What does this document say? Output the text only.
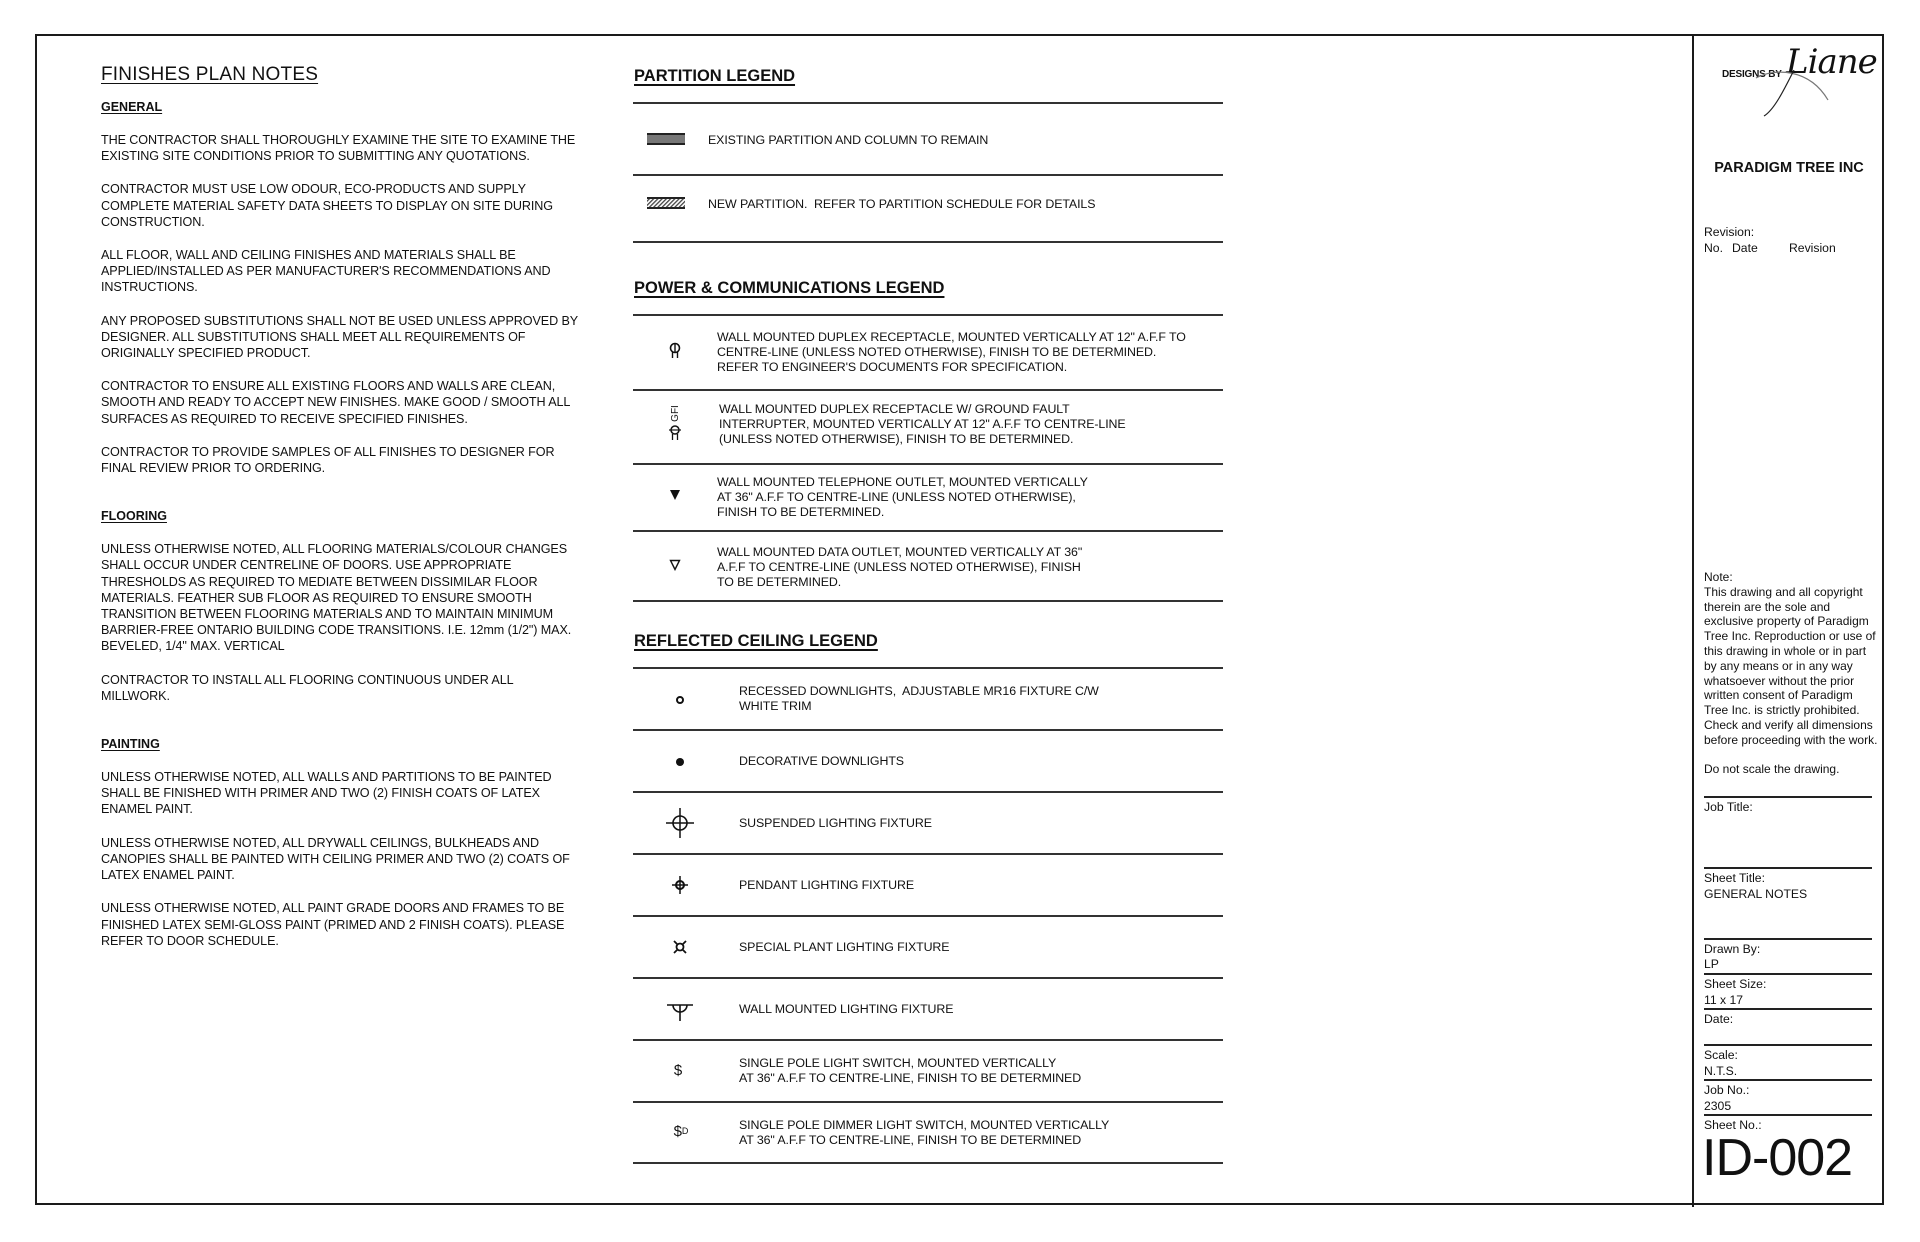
FINISHES PLAN NOTES
GENERAL

THE CONTRACTOR SHALL THOROUGHLY EXAMINE THE SITE TO EXAMINE THE EXISTING SITE CONDITIONS PRIOR TO SUBMITTING ANY QUOTATIONS.

CONTRACTOR MUST USE LOW ODOUR, ECO-PRODUCTS AND SUPPLY COMPLETE MATERIAL SAFETY DATA SHEETS TO DISPLAY ON SITE DURING CONSTRUCTION.

ALL FLOOR, WALL AND CEILING FINISHES AND MATERIALS SHALL BE APPLIED/INSTALLED AS PER MANUFACTURER'S RECOMMENDATIONS AND INSTRUCTIONS.

ANY PROPOSED SUBSTITUTIONS SHALL NOT BE USED UNLESS APPROVED BY DESIGNER. ALL SUBSTITUTIONS SHALL MEET ALL REQUIREMENTS OF ORIGINALLY SPECIFIED PRODUCT.

CONTRACTOR TO ENSURE ALL EXISTING FLOORS AND WALLS ARE CLEAN, SMOOTH AND READY TO ACCEPT NEW FINISHES. MAKE GOOD / SMOOTH ALL SURFACES AS REQUIRED TO RECEIVE SPECIFIED FINISHES.

CONTRACTOR TO PROVIDE SAMPLES OF ALL FINISHES TO DESIGNER FOR FINAL REVIEW PRIOR TO ORDERING.

FLOORING

UNLESS OTHERWISE NOTED, ALL FLOORING MATERIALS/COLOUR CHANGES SHALL OCCUR UNDER CENTRELINE OF DOORS. USE APPROPRIATE THRESHOLDS AS REQUIRED TO MEDIATE BETWEEN DISSIMILAR FLOOR MATERIALS. FEATHER SUB FLOOR AS REQUIRED TO ENSURE SMOOTH TRANSITION BETWEEN FLOORING MATERIALS AND TO MAINTAIN MINIMUM BARRIER-FREE ONTARIO BUILDING CODE TRANSITIONS. I.E. 12mm (1/2") MAX. BEVELED, 1/4" MAX. VERTICAL

CONTRACTOR TO INSTALL ALL FLOORING CONTINUOUS UNDER ALL MILLWORK.

PAINTING

UNLESS OTHERWISE NOTED, ALL WALLS AND PARTITIONS TO BE PAINTED SHALL BE FINISHED WITH PRIMER AND TWO (2) FINISH COATS OF LATEX ENAMEL PAINT.

UNLESS OTHERWISE NOTED, ALL DRYWALL CEILINGS, BULKHEADS AND CANOPIES SHALL BE PAINTED WITH CEILING PRIMER AND TWO (2) COATS OF LATEX ENAMEL PAINT.

UNLESS OTHERWISE NOTED, ALL PAINT GRADE DOORS AND FRAMES TO BE FINISHED LATEX SEMI-GLOSS PAINT (PRIMED AND 2 FINISH COATS). PLEASE REFER TO DOOR SCHEDULE.

PARTITION LEGEND
EXISTING PARTITION AND COLUMN TO REMAIN
NEW PARTITION.  REFER TO PARTITION SCHEDULE FOR DETAILS
POWER & COMMUNICATIONS LEGEND
WALL MOUNTED DUPLEX RECEPTACLE, MOUNTED VERTICALLY AT 12" A.F.F TO
CENTRE-LINE (UNLESS NOTED OTHERWISE), FINISH TO BE DETERMINED.
REFER TO ENGINEER'S DOCUMENTS FOR SPECIFICATION.
GFI	WALL MOUNTED DUPLEX RECEPTACLE W/ GROUND FAULT
INTERRUPTER, MOUNTED VERTICALLY AT 12" A.F.F TO CENTRE-LINE
(UNLESS NOTED OTHERWISE), FINISH TO BE DETERMINED.
WALL MOUNTED TELEPHONE OUTLET, MOUNTED VERTICALLY
AT 36" A.F.F TO CENTRE-LINE (UNLESS NOTED OTHERWISE),
FINISH TO BE DETERMINED.
WALL MOUNTED DATA OUTLET, MOUNTED VERTICALLY AT 36"
A.F.F TO CENTRE-LINE (UNLESS NOTED OTHERWISE), FINISH
TO BE DETERMINED.
REFLECTED CEILING LEGEND
RECESSED DOWNLIGHTS,  ADJUSTABLE MR16 FIXTURE C/W
WHITE TRIM
DECORATIVE DOWNLIGHTS
SUSPENDED LIGHTING FIXTURE
PENDANT LIGHTING FIXTURE
SPECIAL PLANT LIGHTING FIXTURE
WALL MOUNTED LIGHTING FIXTURE
$	SINGLE POLE LIGHT SWITCH, MOUNTED VERTICALLY
AT 36" A.F.F TO CENTRE-LINE, FINISH TO BE DETERMINED
$ D	SINGLE POLE DIMMER LIGHT SWITCH, MOUNTED VERTICALLY
AT 36" A.F.F TO CENTRE-LINE, FINISH TO BE DETERMINED
DESIGNS BY Liane
PARADIGM TREE INC
Revision:
No. Date	Revision
Note:
This drawing and all copyright therein are the sole and exclusive property of Paradigm Tree Inc. Reproduction or use of this drawing in whole or in part by any means or in any way whatsoever without the prior written consent of Paradigm Tree Inc. is strictly prohibited. Check and verify all dimensions before proceeding with the work.
Do not scale the drawing.
Job Title:
Sheet Title:
GENERAL NOTES
Drawn By:
LP
Sheet Size:
11 x 17
Date:
Scale:
N.T.S.
Job No.:
2305
Sheet No.:
ID-002
